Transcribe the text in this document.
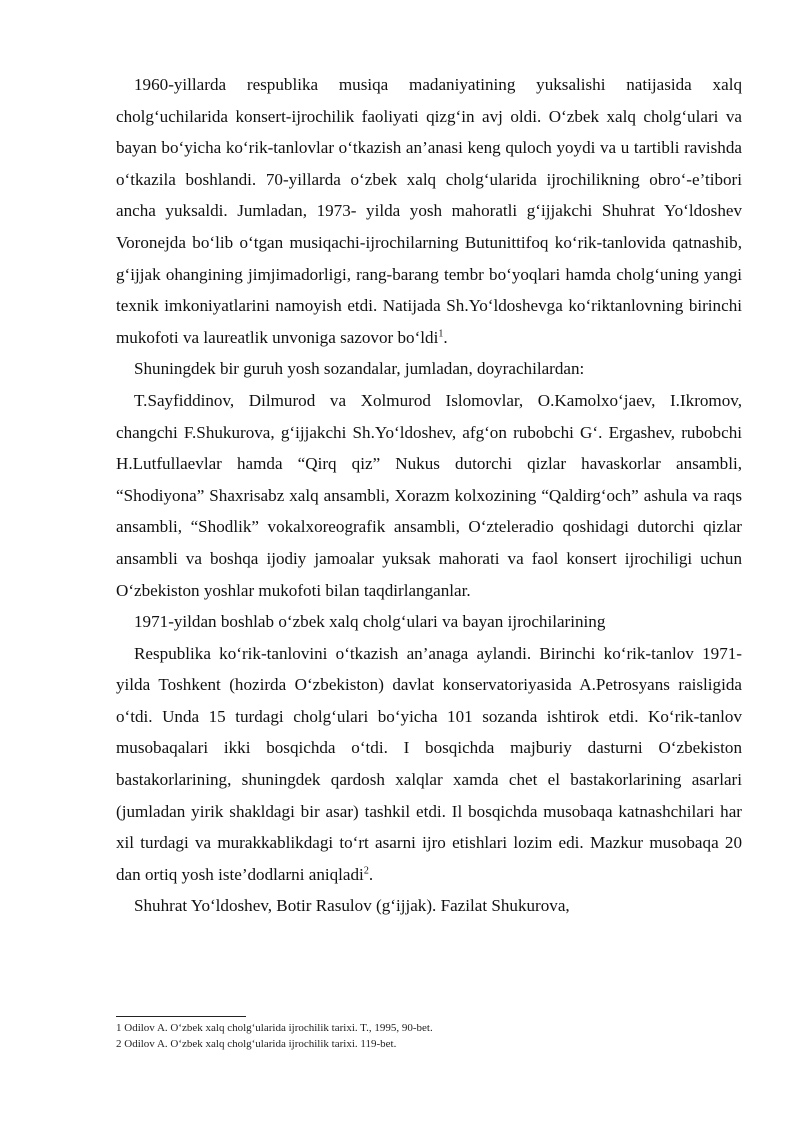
1960-yillarda respublika musiqa madaniyatining yuksalishi natijasida xalq cholg‘uchilarida konsert-ijrochilik faoliyati qizg‘in avj oldi. O‘zbek xalq cholg‘ulari va bayan bo‘yicha ko‘rik-tanlovlar o‘tkazish an’anasi keng quloch yoydi va u tartibli ravishda o‘tkazila boshlandi. 70-yillarda o‘zbek xalq cholg‘ularida ijrochilikning obro‘-e’tibori ancha yuksaldi. Jumladan, 1973- yilda yosh mahoratli g‘ijjakchi Shuhrat Yo‘ldoshev Voronejda bo‘lib o‘tgan musiqachi-ijrochilarning Butunittifoq ko‘rik-tanlovida qatnashib, g‘ijjak ohangining jimjimadorligi, rang-barang tembr bo‘yoqlari hamda cholg‘uning yangi texnik imkoniyatlarini namoyish etdi. Natijada Sh.Yo‘ldoshevga ko‘riktanlovning birinchi mukofoti va laureatlik unvoniga sazovor bo‘ldi$^1$.

Shuningdek bir guruh yosh sozandalar, jumladan, doyrachilardan:

T.Sayfiddinov, Dilmurod va Xolmurod Islomovlar, O.Kamolxo‘jaev, I.Ikromov, changchi F.Shukurova, g‘ijjakchi Sh.Yo‘ldoshev, afg‘on rubobchi G‘. Ergashev, rubobchi H.Lutfullaevlar hamda “Qirq qiz” Nukus dutorchi qizlar havaskorlar ansambli, “Shodiyona” Shaxrisabz xalq ansambli, Xorazm kolxozining “Qaldirg‘och” ashula va raqs ansambli, “Shodlik” vokalxoreografik ansambli, O‘zteleradio qoshidagi dutorchi qizlar ansambli va boshqa ijodiy jamoalar yuksak mahorati va faol konsert ijrochiligi uchun O‘zbekiston yoshlar mukofoti bilan taqdirlanganlar.

1971-yildan boshlab o‘zbek xalq cholg‘ulari va bayan ijrochilarining

Respublika ko‘rik-tanlovini o‘tkazish an’anaga aylandi. Birinchi ko‘rik-tanlov 1971-yilda Toshkent (hozirda O‘zbekiston) davlat konservatoriyasida A.Petrosyans raisligida o‘tdi. Unda 15 turdagi cholg‘ulari bo‘yicha 101 sozanda ishtirok etdi. Ko‘rik-tanlov musobaqalari ikki bosqichda o‘tdi. I bosqichda majburiy dasturni O‘zbekiston bastakorlarining, shuningdek qardosh xalqlar xamda chet el bastakorlarining asarlari (jumladan yirik shakldagi bir asar) tashkil etdi. Il bosqichda musobaqa katnashchilari har xil turdagi va murakkablikdagi to‘rt asarni ijro etishlari lozim edi. Mazkur musobaqa 20 dan ortiq yosh iste’dodlarni aniqladi$^2$.

Shuhrat Yo‘ldoshev, Botir Rasulov (g‘ijjak). Fazilat Shukurova,

1 Odilov A. O‘zbek xalq cholg‘ularida ijrochilik tarixi. T., 1995, 90-bet.
2 Odilov A. O‘zbek xalq cholg‘ularida ijrochilik tarixi. 119-bet.
